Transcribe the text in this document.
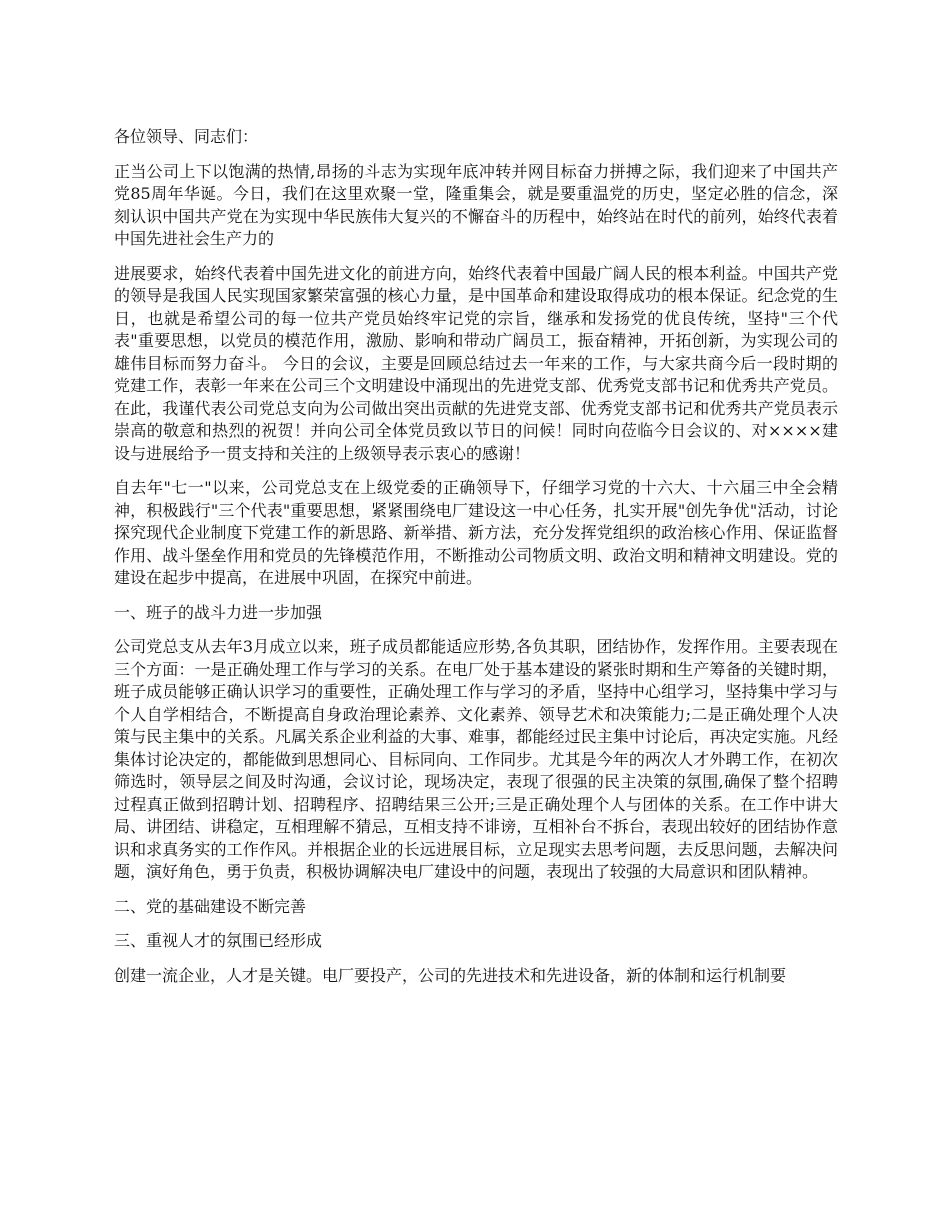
各位领导、同志们：

正当公司上下以饱满的热情,昂扬的斗志为实现年底冲转并网目标奋力拼搏之际，我们迎来了中国共产党85周年华诞。今日，我们在这里欢聚一堂，隆重集会，就是要重温党的历史，坚定必胜的信念，深刻认识中国共产党在为实现中华民族伟大复兴的不懈奋斗的历程中，始终站在时代的前列，始终代表着中国先进社会生产力的

进展要求，始终代表着中国先进文化的前进方向，始终代表着中国最广阔人民的根本利益。中国共产党的领导是我国人民实现国家繁荣富强的核心力量，是中国革命和建设取得成功的根本保证。纪念党的生日，也就是希望公司的每一位共产党员始终牢记党的宗旨，继承和发扬党的优良传统，坚持"三个代表"重要思想，以党员的模范作用，激励、影响和带动广阔员工，振奋精神，开拓创新，为实现公司的雄伟目标而努力奋斗。 今日的会议，主要是回顾总结过去一年来的工作，与大家共商今后一段时期的党建工作，表彰一年来在公司三个文明建设中涌现出的先进党支部、优秀党支部书记和优秀共产党员。在此，我谨代表公司党总支向为公司做出突出贡献的先进党支部、优秀党支部书记和优秀共产党员表示崇高的敬意和热烈的祝贺！并向公司全体党员致以节日的问候！同时向莅临今日会议的、对××××建设与进展给予一贯支持和关注的上级领导表示衷心的感谢！

自去年"七一"以来，公司党总支在上级党委的正确领导下，仔细学习党的十六大、十六届三中全会精神，积极践行"三个代表"重要思想，紧紧围绕电厂建设这一中心任务，扎实开展"创先争优"活动，讨论探究现代企业制度下党建工作的新思路、新举措、新方法，充分发挥党组织的政治核心作用、保证监督作用、战斗堡垒作用和党员的先锋模范作用，不断推动公司物质文明、政治文明和精神文明建设。党的建设在起步中提高，在进展中巩固，在探究中前进。

一、班子的战斗力进一步加强

公司党总支从去年3月成立以来，班子成员都能适应形势,各负其职，团结协作，发挥作用。主要表现在三个方面：一是正确处理工作与学习的关系。在电厂处于基本建设的紧张时期和生产筹备的关键时期，班子成员能够正确认识学习的重要性，正确处理工作与学习的矛盾，坚持中心组学习，坚持集中学习与个人自学相结合，不断提高自身政治理论素养、文化素养、领导艺术和决策能力;二是正确处理个人决策与民主集中的关系。凡属关系企业利益的大事、难事，都能经过民主集中讨论后，再决定实施。凡经集体讨论决定的，都能做到思想同心、目标同向、工作同步。尤其是今年的两次人才外聘工作，在初次筛选时，领导层之间及时沟通，会议讨论，现场决定，表现了很强的民主决策的氛围,确保了整个招聘过程真正做到招聘计划、招聘程序、招聘结果三公开;三是正确处理个人与团体的关系。在工作中讲大局、讲团结、讲稳定，互相理解不猜忌，互相支持不诽谤，互相补台不拆台，表现出较好的团结协作意识和求真务实的工作作风。并根据企业的长远进展目标，立足现实去思考问题，去反思问题，去解决问题，演好角色，勇于负责，积极协调解决电厂建设中的问题，表现出了较强的大局意识和团队精神。

二、党的基础建设不断完善

三、重视人才的氛围已经形成

创建一流企业，人才是关键。电厂要投产，公司的先进技术和先进设备，新的体制和运行机制要
